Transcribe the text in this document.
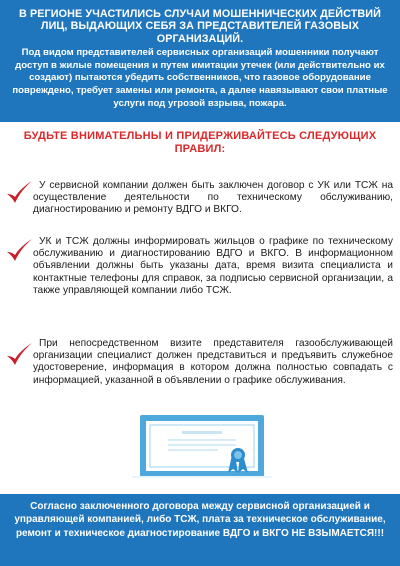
В РЕГИОНЕ УЧАСТИЛИСЬ СЛУЧАИ МОШЕННИЧЕСКИХ ДЕЙСТВИЙ ЛИЦ, ВЫДАЮЩИХ СЕБЯ ЗА ПРЕДСТАВИТЕЛЕЙ ГАЗОВЫХ ОРГАНИЗАЦИЙ.
Под видом представителей сервисных организаций мошенники получают доступ в жилые помещения и путем имитации утечек (или действительно их создают) пытаются убедить собственников, что газовое оборудование повреждено, требует замены или ремонта, а далее навязывают свои платные услуги под угрозой взрыва, пожара.
БУДЬТЕ ВНИМАТЕЛЬНЫ И ПРИДЕРЖИВАЙТЕСЬ СЛЕДУЮЩИХ ПРАВИЛ:
У сервисной компании должен быть заключен договор с УК или ТСЖ на осуществление деятельности по техническому обслуживанию, диагностированию и ремонту ВДГО и ВКГО.
УК и ТСЖ должны информировать жильцов о графике по техническому обслуживанию и диагностированию ВДГО и ВКГО. В информационном объявлении должны быть указаны дата, время визита специалиста и контактные телефоны для справок, за подписью сервисной организации, а также управляющей компании либо ТСЖ.
При непосредственном визите представителя газообслуживающей организации специалист должен представиться и предъявить служебное удостоверение, информация в котором должна полностью совпадать с информацией, указанной в объявлении о графике обслуживания.
Согласно заключенного договора между сервисной организацией и управляющей компанией, либо ТСЖ, плата за техническое обслуживание, ремонт и техническое диагностирование ВДГО и ВКГО НЕ ВЗЫМАЕТСЯ!!!
